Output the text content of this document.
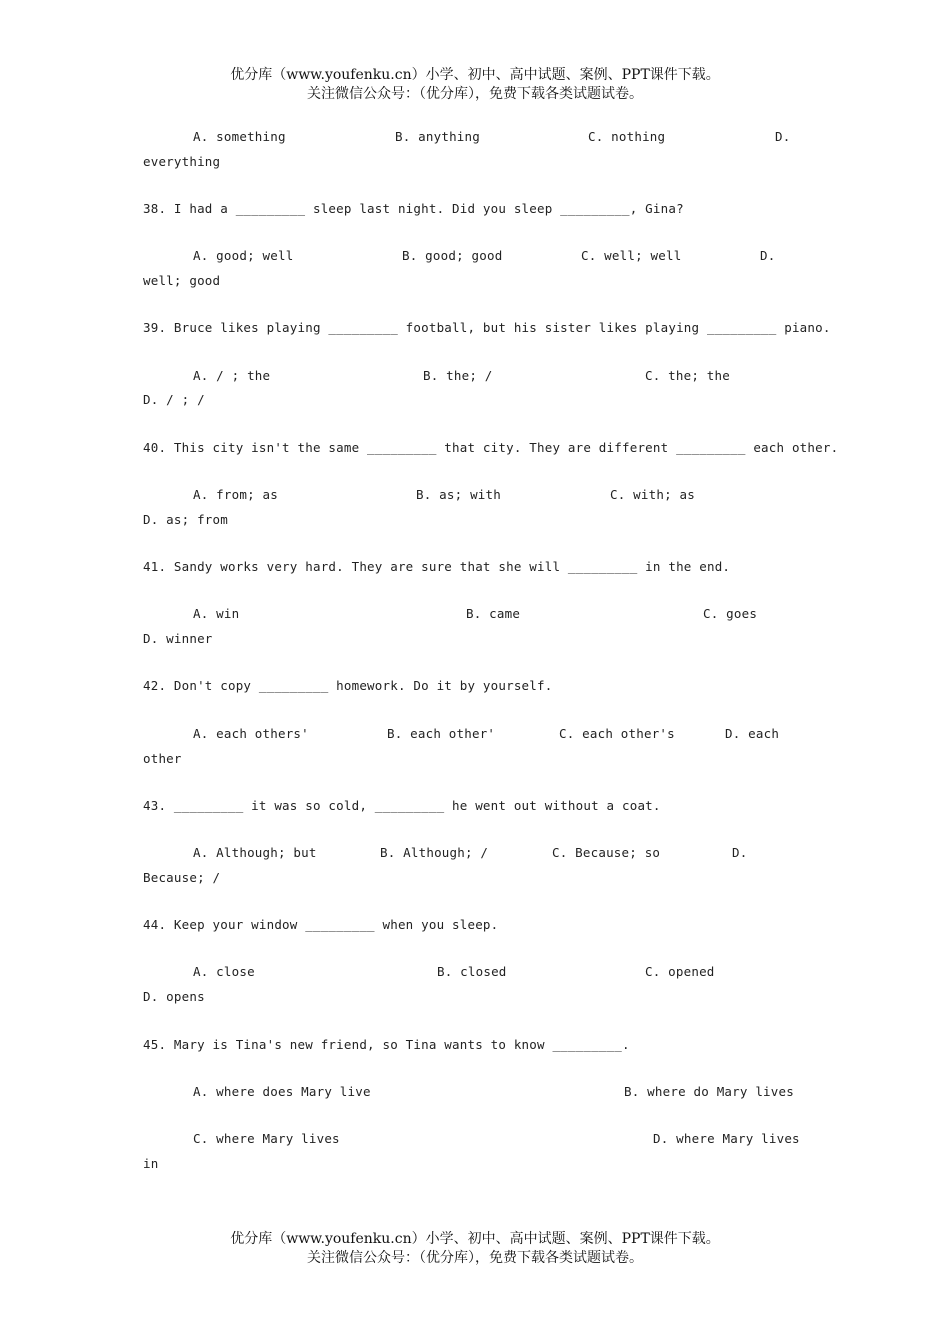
优分库（www.youfenku.cn）小学、初中、高中试题、案例、PPT课件下载。
关注微信公众号：（优分库），免费下载各类试题试卷。
A. something	B. anything	C. nothing	D.
everything
38. I had a _________ sleep last night. Did you sleep _________, Gina?
A. good; well	B. good; good	C. well; well	D.
well; good
39. Bruce likes playing _________ football, but his sister likes playing _________ piano.
A. / ; the	B. the; /	C. the; the
D. / ; /
40. This city isn't the same _________ that city. They are different _________ each other.
A. from; as	B. as; with	C. with; as
D. as; from
41. Sandy works very hard. They are sure that she will _________ in the end.
A. win	B. came	C. goes
D. winner
42. Don't copy _________ homework. Do it by yourself.
A. each others'	B. each other'	C. each other's	D. each
other
43. _________ it was so cold, _________ he went out without a coat.
A. Although; but	B. Although; /	C. Because; so	D.
Because; /
44. Keep your window _________ when you sleep.
A. close	B. closed	C. opened
D. opens
45. Mary is Tina's new friend, so Tina wants to know _________.
A. where does Mary live	B. where do Mary lives
C. where Mary lives	D. where Mary lives
in
优分库（www.youfenku.cn）小学、初中、高中试题、案例、PPT课件下载。
关注微信公众号：（优分库），免费下载各类试题试卷。
